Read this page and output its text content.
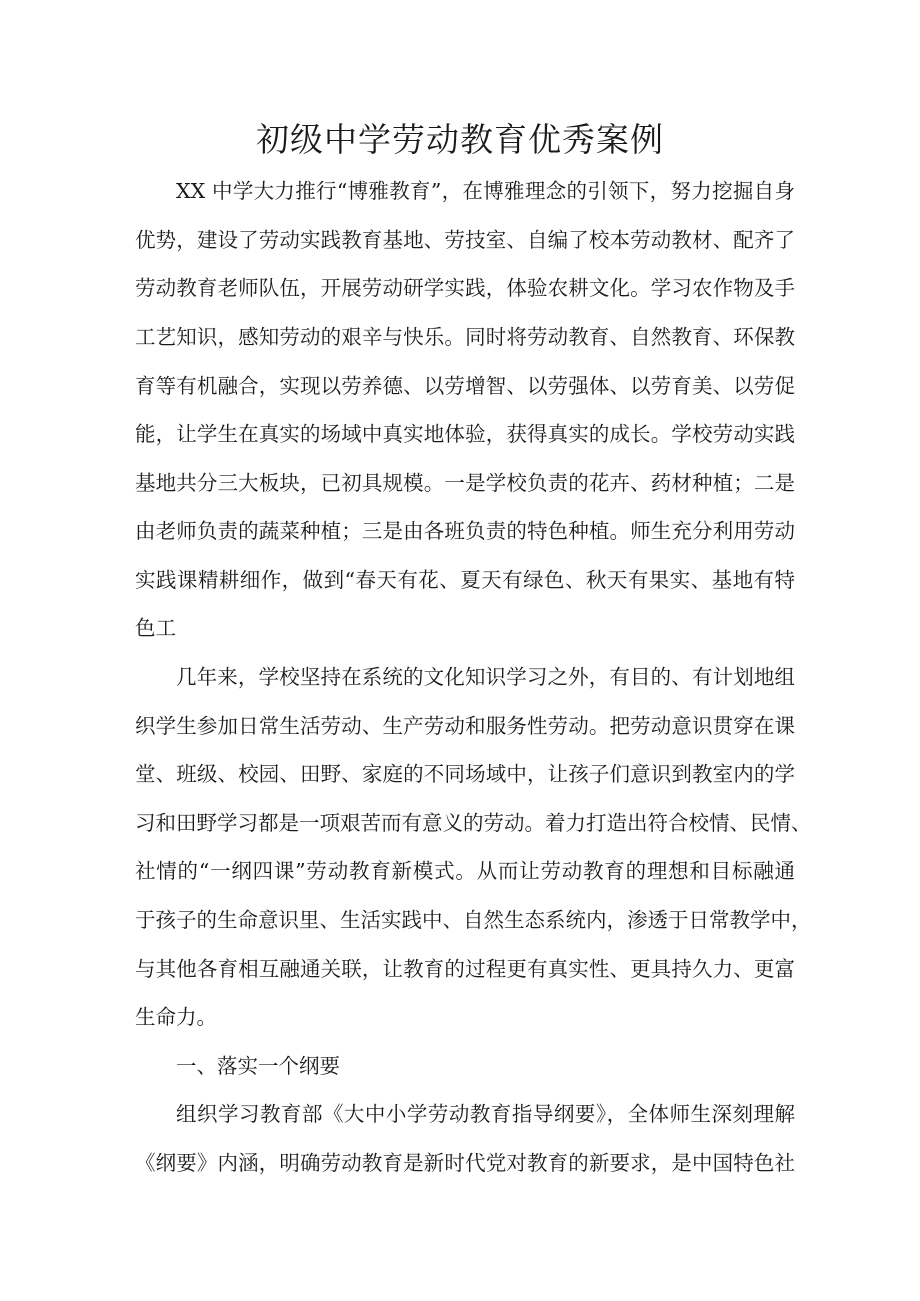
初级中学劳动教育优秀案例

XX 中学大力推行“博雅教育”，在博雅理念的引领下，努力挖掘自身

优势，建设了劳动实践教育基地、劳技室、自编了校本劳动教材、配齐了

劳动教育老师队伍，开展劳动研学实践，体验农耕文化。学习农作物及手

工艺知识，感知劳动的艰辛与快乐。同时将劳动教育、自然教育、环保教

育等有机融合，实现以劳养德、以劳增智、以劳强体、以劳育美、以劳促

能，让学生在真实的场域中真实地体验，获得真实的成长。学校劳动实践

基地共分三大板块，已初具规模。一是学校负责的花卉、药材种植；二是

由老师负责的蔬菜种植；三是由各班负责的特色种植。师生充分利用劳动

实践课精耕细作，做到“春天有花、夏天有绿色、秋天有果实、基地有特

色工

几年来，学校坚持在系统的文化知识学习之外，有目的、有计划地组

织学生参加日常生活劳动、生产劳动和服务性劳动。把劳动意识贯穿在课

堂、班级、校园、田野、家庭的不同场域中，让孩子们意识到教室内的学

习和田野学习都是一项艰苦而有意义的劳动。着力打造出符合校情、民情、

社情的“一纲四课”劳动教育新模式。从而让劳动教育的理想和目标融通

于孩子的生命意识里、生活实践中、自然生态系统内，渗透于日常教学中，

与其他各育相互融通关联，让教育的过程更有真实性、更具持久力、更富

生命力。

一、落实一个纲要

组织学习教育部《大中小学劳动教育指导纲要》，全体师生深刻理解

《纲要》内涵，明确劳动教育是新时代党对教育的新要求，是中国特色社
